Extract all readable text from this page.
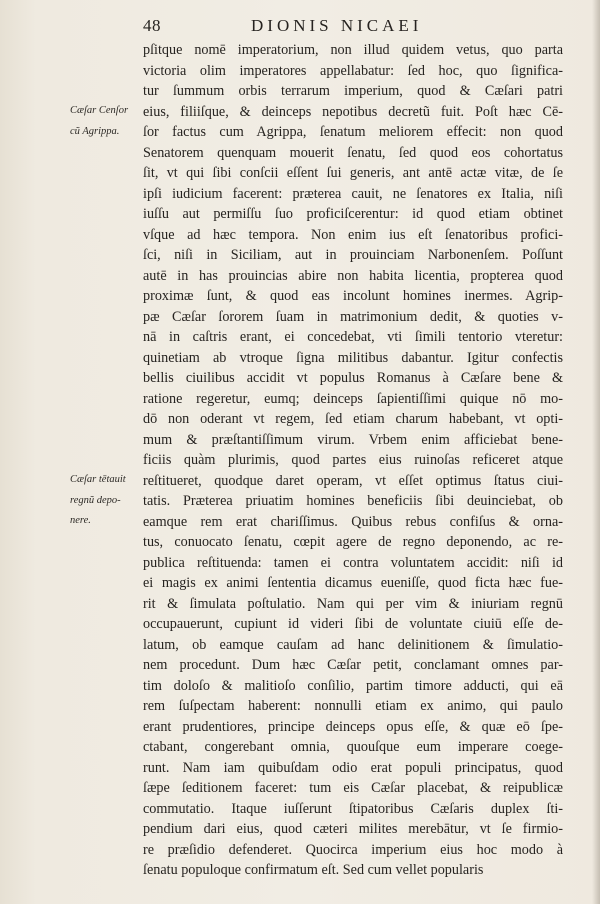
48	DIONIS NICAEI
Cæſar Cenſor
cũ Agrippa.
Cæſar tētauit
regnũ depo-
nere.
pſitque nomē imperatorium, non illud quidem vetus, quo parta
victoria olim imperatores appellabatur: ſed hoc, quo ſignifica-
tur ſummum orbis terrarum imperium, quod & Cæſari patri
eius, filiiſque, & deinceps nepotibus decretũ fuit. Poſt hæc Cē-
ſor factus cum Agrippa, ſenatum meliorem effecit: non quod
Senatorem quenquam mouerit ſenatu, ſed quod eos cohortatus
ſit, vt qui ſibi conſcii eſſent ſui generis, ant antē actæ vitæ, de ſe
ipſi iudicium facerent: præterea cauit, ne ſenatores ex Italia, niſi
iuſſu aut permiſſu ſuo proficiſcerentur: id quod etiam obtinet
vſque ad hæc tempora. Non enim ius eſt ſenatoribus profici-
ſci, niſi in Siciliam, aut in prouinciam Narbonenſem. Poſſunt
autē in has prouincias abire non habita licentia, propterea quod
proximæ ſunt, & quod eas incolunt homines inermes. Agrip-
pæ Cæſar ſororem ſuam in matrimonium dedit, & quoties v-
nā in caſtris erant, ei concedebat, vti ſimili tentorio vteretur:
quinetiam ab vtroque ſigna militibus dabantur. Igitur confectis
bellis ciuilibus accidit vt populus Romanus à Cæſare bene &
ratione regeretur, eumq; deinceps ſapientiſſimi quique nō mo-
dō non oderant vt regem, ſed etiam charum habebant, vt opti-
mum & præſtantiſſimum virum. Vrbem enim afficiebat bene-
ficiis quàm plurimis, quod partes eius ruinoſas reficeret atque
reſtitueret, quodque daret operam, vt eſſet optimus ſtatus ciui-
tatis. Præterea priuatim homines beneficiis ſibi deuinciebat, ob
eamque rem erat chariſſimus. Quibus rebus confiſus & orna-
tus, conuocato ſenatu, cœpit agere de regno deponendo, ac re-
publica reſtituenda: tamen ei contra voluntatem accidit: niſi id
ei magis ex animi ſententia dicamus eueniſſe, quod ficta hæc fue-
rit & ſimulata poſtulatio. Nam qui per vim & iniuriam regnū
occupauerunt, cupiunt id videri ſibi de voluntate ciuiū eſſe de-
latum, ob eamque cauſam ad hanc delinitionem & ſimulatio-
nem procedunt. Dum hæc Cæſar petit, conclamant omnes par-
tim doloſo & malitioſo conſilio, partim timore adducti, qui eā
rem ſuſpectam haberent: nonnulli etiam ex animo, qui paulo
erant prudentiores, principe deinceps opus eſſe, & quæ eō ſpe-
ctabant, congerebant omnia, quouſque eum imperare coege-
runt. Nam iam quibuſdam odio erat populi principatus, quod
ſæpe ſeditionem faceret: tum eis Cæſar placebat, & reipublicæ
commutatio. Itaque iuſſerunt ſtipatoribus Cæſaris duplex ſti-
pendium dari eius, quod cæteri milites merebātur, vt ſe firmio-
re præſidio defenderet. Quocirca imperium eius hoc modo à
ſenatu populoque confirmatum eſt. Sed cum vellet popularis
